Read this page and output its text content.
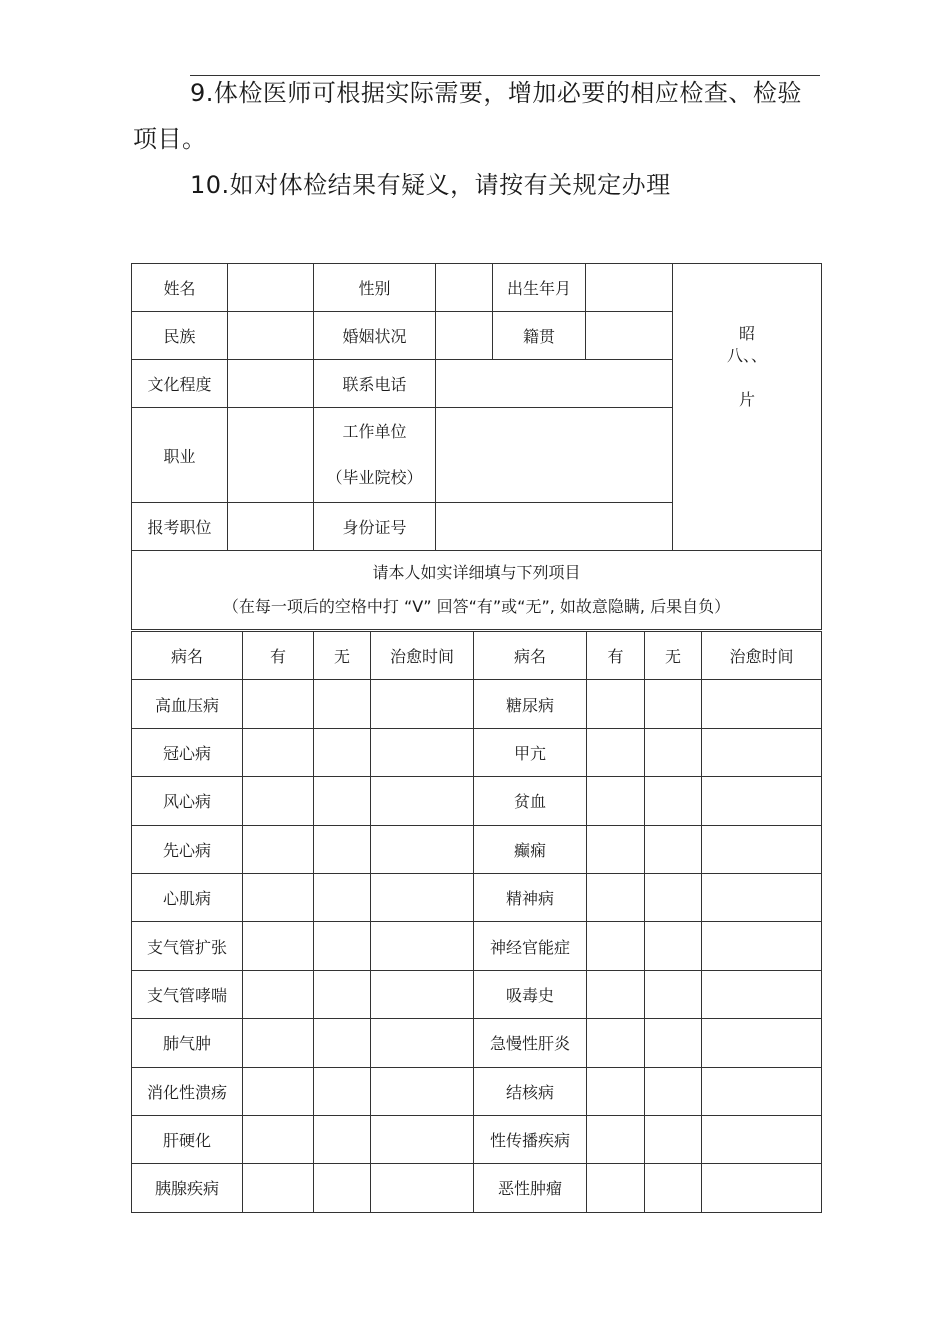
9.体检医师可根据实际需要，增加必要的相应检查、检验
项目。
10.如对体检结果有疑义，请按有关规定办理
姓名		性别		出生年月		昭
八、、
片

民族		婚姻状况		籍贯		
文化程度		联系电话				
职业		工作单位
（毕业院校）				

报考职位		身份证号				

请本人如实详细填与下列项目
（在每一项后的空格中打 “V” 回答“有”或“无”, 如故意隐瞒, 后果自负）						
病名	有	无	治愈时间	病名	有	无	治愈时间
高血压病				糖尿病			
冠心病				甲亢			
风心病				贫血			
先心病				癫痫			
心肌病				精神病			
支气管扩张				神经官能症			
支气管哮喘				吸毒史			
肺气肿				急慢性肝炎			
消化性溃疡				结核病			
肝硬化				性传播疾病			
胰腺疾病				恶性肿瘤			
